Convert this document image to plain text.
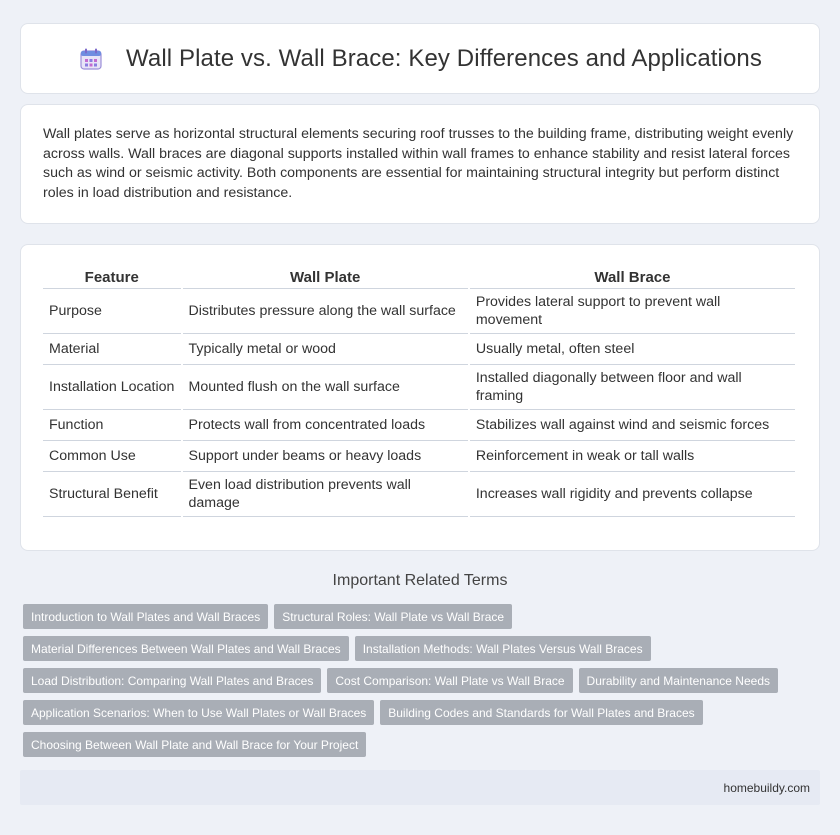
Wall Plate vs. Wall Brace: Key Differences and Applications

Wall plates serve as horizontal structural elements securing roof trusses to the building frame, distributing weight evenly across walls. Wall braces are diagonal supports installed within wall frames to enhance stability and resist lateral forces such as wind or seismic activity. Both components are essential for maintaining structural integrity but perform distinct roles in load distribution and resistance.

Feature	Wall Plate	Wall Brace
Purpose	Distributes pressure along the wall surface	Provides lateral support to prevent wall movement
Material	Typically metal or wood	Usually metal, often steel
Installation Location	Mounted flush on the wall surface	Installed diagonally between floor and wall framing
Function	Protects wall from concentrated loads	Stabilizes wall against wind and seismic forces
Common Use	Support under beams or heavy loads	Reinforcement in weak or tall walls
Structural Benefit	Even load distribution prevents wall damage	Increases wall rigidity and prevents collapse
Important Related Terms
Introduction to Wall Plates and Wall Braces Structural Roles: Wall Plate vs Wall Brace
Material Differences Between Wall Plates and Wall Braces Installation Methods: Wall Plates Versus Wall Braces
Load Distribution: Comparing Wall Plates and Braces Cost Comparison: Wall Plate vs Wall Brace Durability and Maintenance Needs
Application Scenarios: When to Use Wall Plates or Wall Braces Building Codes and Standards for Wall Plates and Braces
Choosing Between Wall Plate and Wall Brace for Your Project
homebuildy.com
